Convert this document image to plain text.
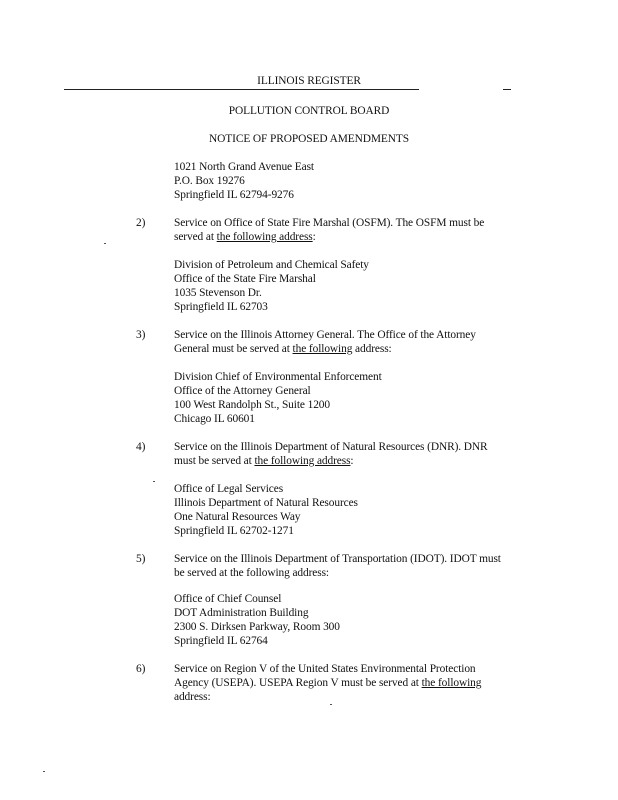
ILLINOIS REGISTER
POLLUTION CONTROL BOARD
NOTICE OF PROPOSED AMENDMENTS
1021 North Grand Avenue East
P.O. Box 19276
Springfield IL 62794-9276
2)	Service on Office of State Fire Marshal (OSFM). The OSFM must be
served at the following address:
Division of Petroleum and Chemical Safety
Office of the State Fire Marshal
1035 Stevenson Dr.
Springfield IL 62703
3)	Service on the Illinois Attorney General. The Office of the Attorney
General must be served at the following address:
Division Chief of Environmental Enforcement
Office of the Attorney General
100 West Randolph St., Suite 1200
Chicago IL 60601
4)	Service on the Illinois Department of Natural Resources (DNR). DNR
must be served at the following address:
Office of Legal Services
Illinois Department of Natural Resources
One Natural Resources Way
Springfield IL 62702-1271
5)	Service on the Illinois Department of Transportation (IDOT). IDOT must
be served at the following address:
Office of Chief Counsel
DOT Administration Building
2300 S. Dirksen Parkway, Room 300
Springfield IL 62764
6)	Service on Region V of the United States Environmental Protection
Agency (USEPA). USEPA Region V must be served at the following
address:
